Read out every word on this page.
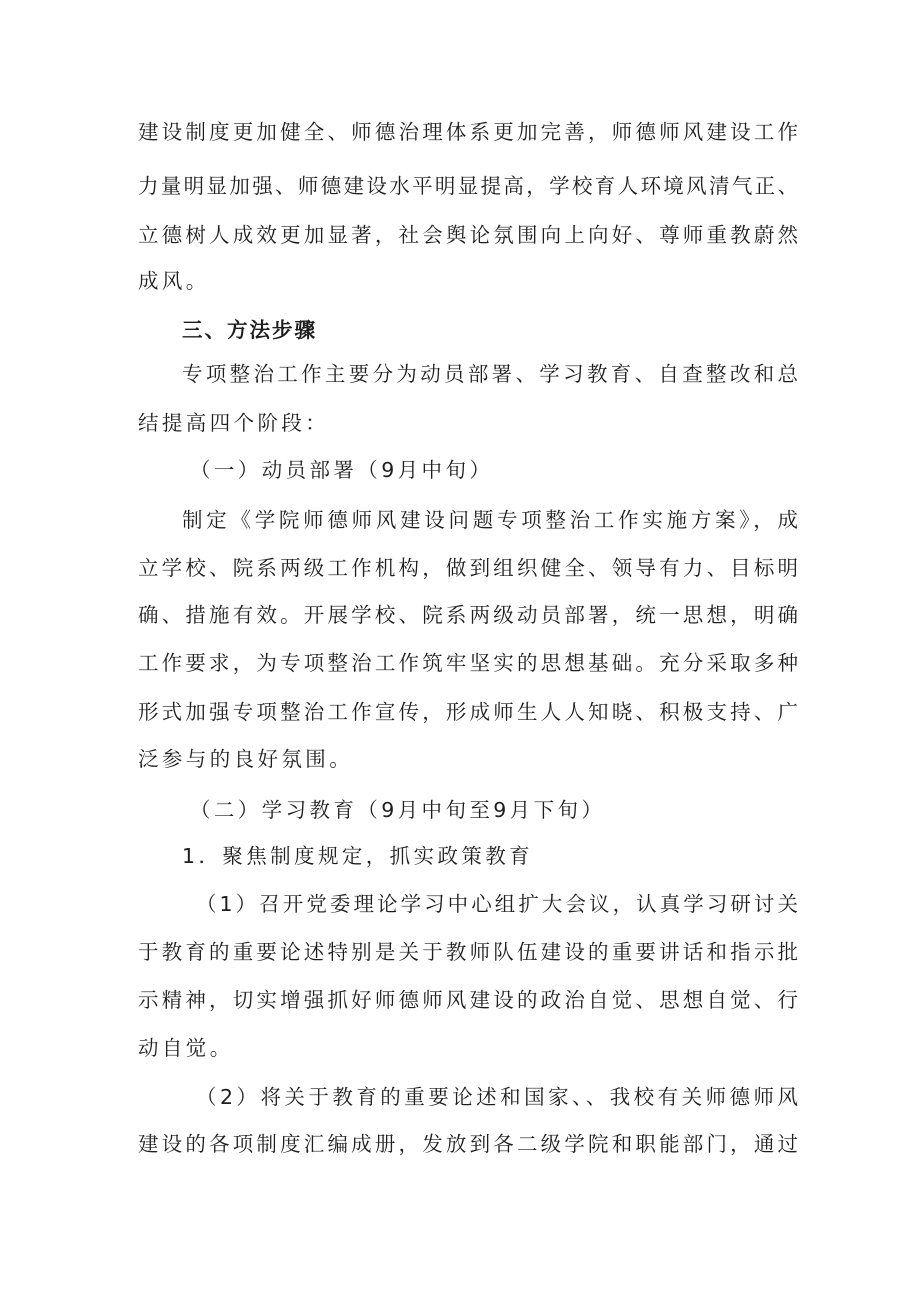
建设制度更加健全、师德治理体系更加完善，师德师风建设工作
力量明显加强、师德建设水平明显提高，学校育人环境风清气正、
立德树人成效更加显著，社会舆论氛围向上向好、尊师重教蔚然
成风。
三、方法步骤
专项整治工作主要分为动员部署、学习教育、自查整改和总
结提高四个阶段：
（一）动员部署（9月中旬）
制定《学院师德师风建设问题专项整治工作实施方案》，成
立学校、院系两级工作机构，做到组织健全、领导有力、目标明
确、措施有效。开展学校、院系两级动员部署，统一思想，明确
工作要求，为专项整治工作筑牢坚实的思想基础。充分采取多种
形式加强专项整治工作宣传，形成师生人人知晓、积极支持、广
泛参与的良好氛围。
（二）学习教育（9月中旬至9月下旬）
1．聚焦制度规定，抓实政策教育
（1）召开党委理论学习中心组扩大会议，认真学习研讨关
于教育的重要论述特别是关于教师队伍建设的重要讲话和指示批
示精神，切实增强抓好师德师风建设的政治自觉、思想自觉、行
动自觉。
（2）将关于教育的重要论述和国家、、我校有关师德师风
建设的各项制度汇编成册，发放到各二级学院和职能部门，通过
